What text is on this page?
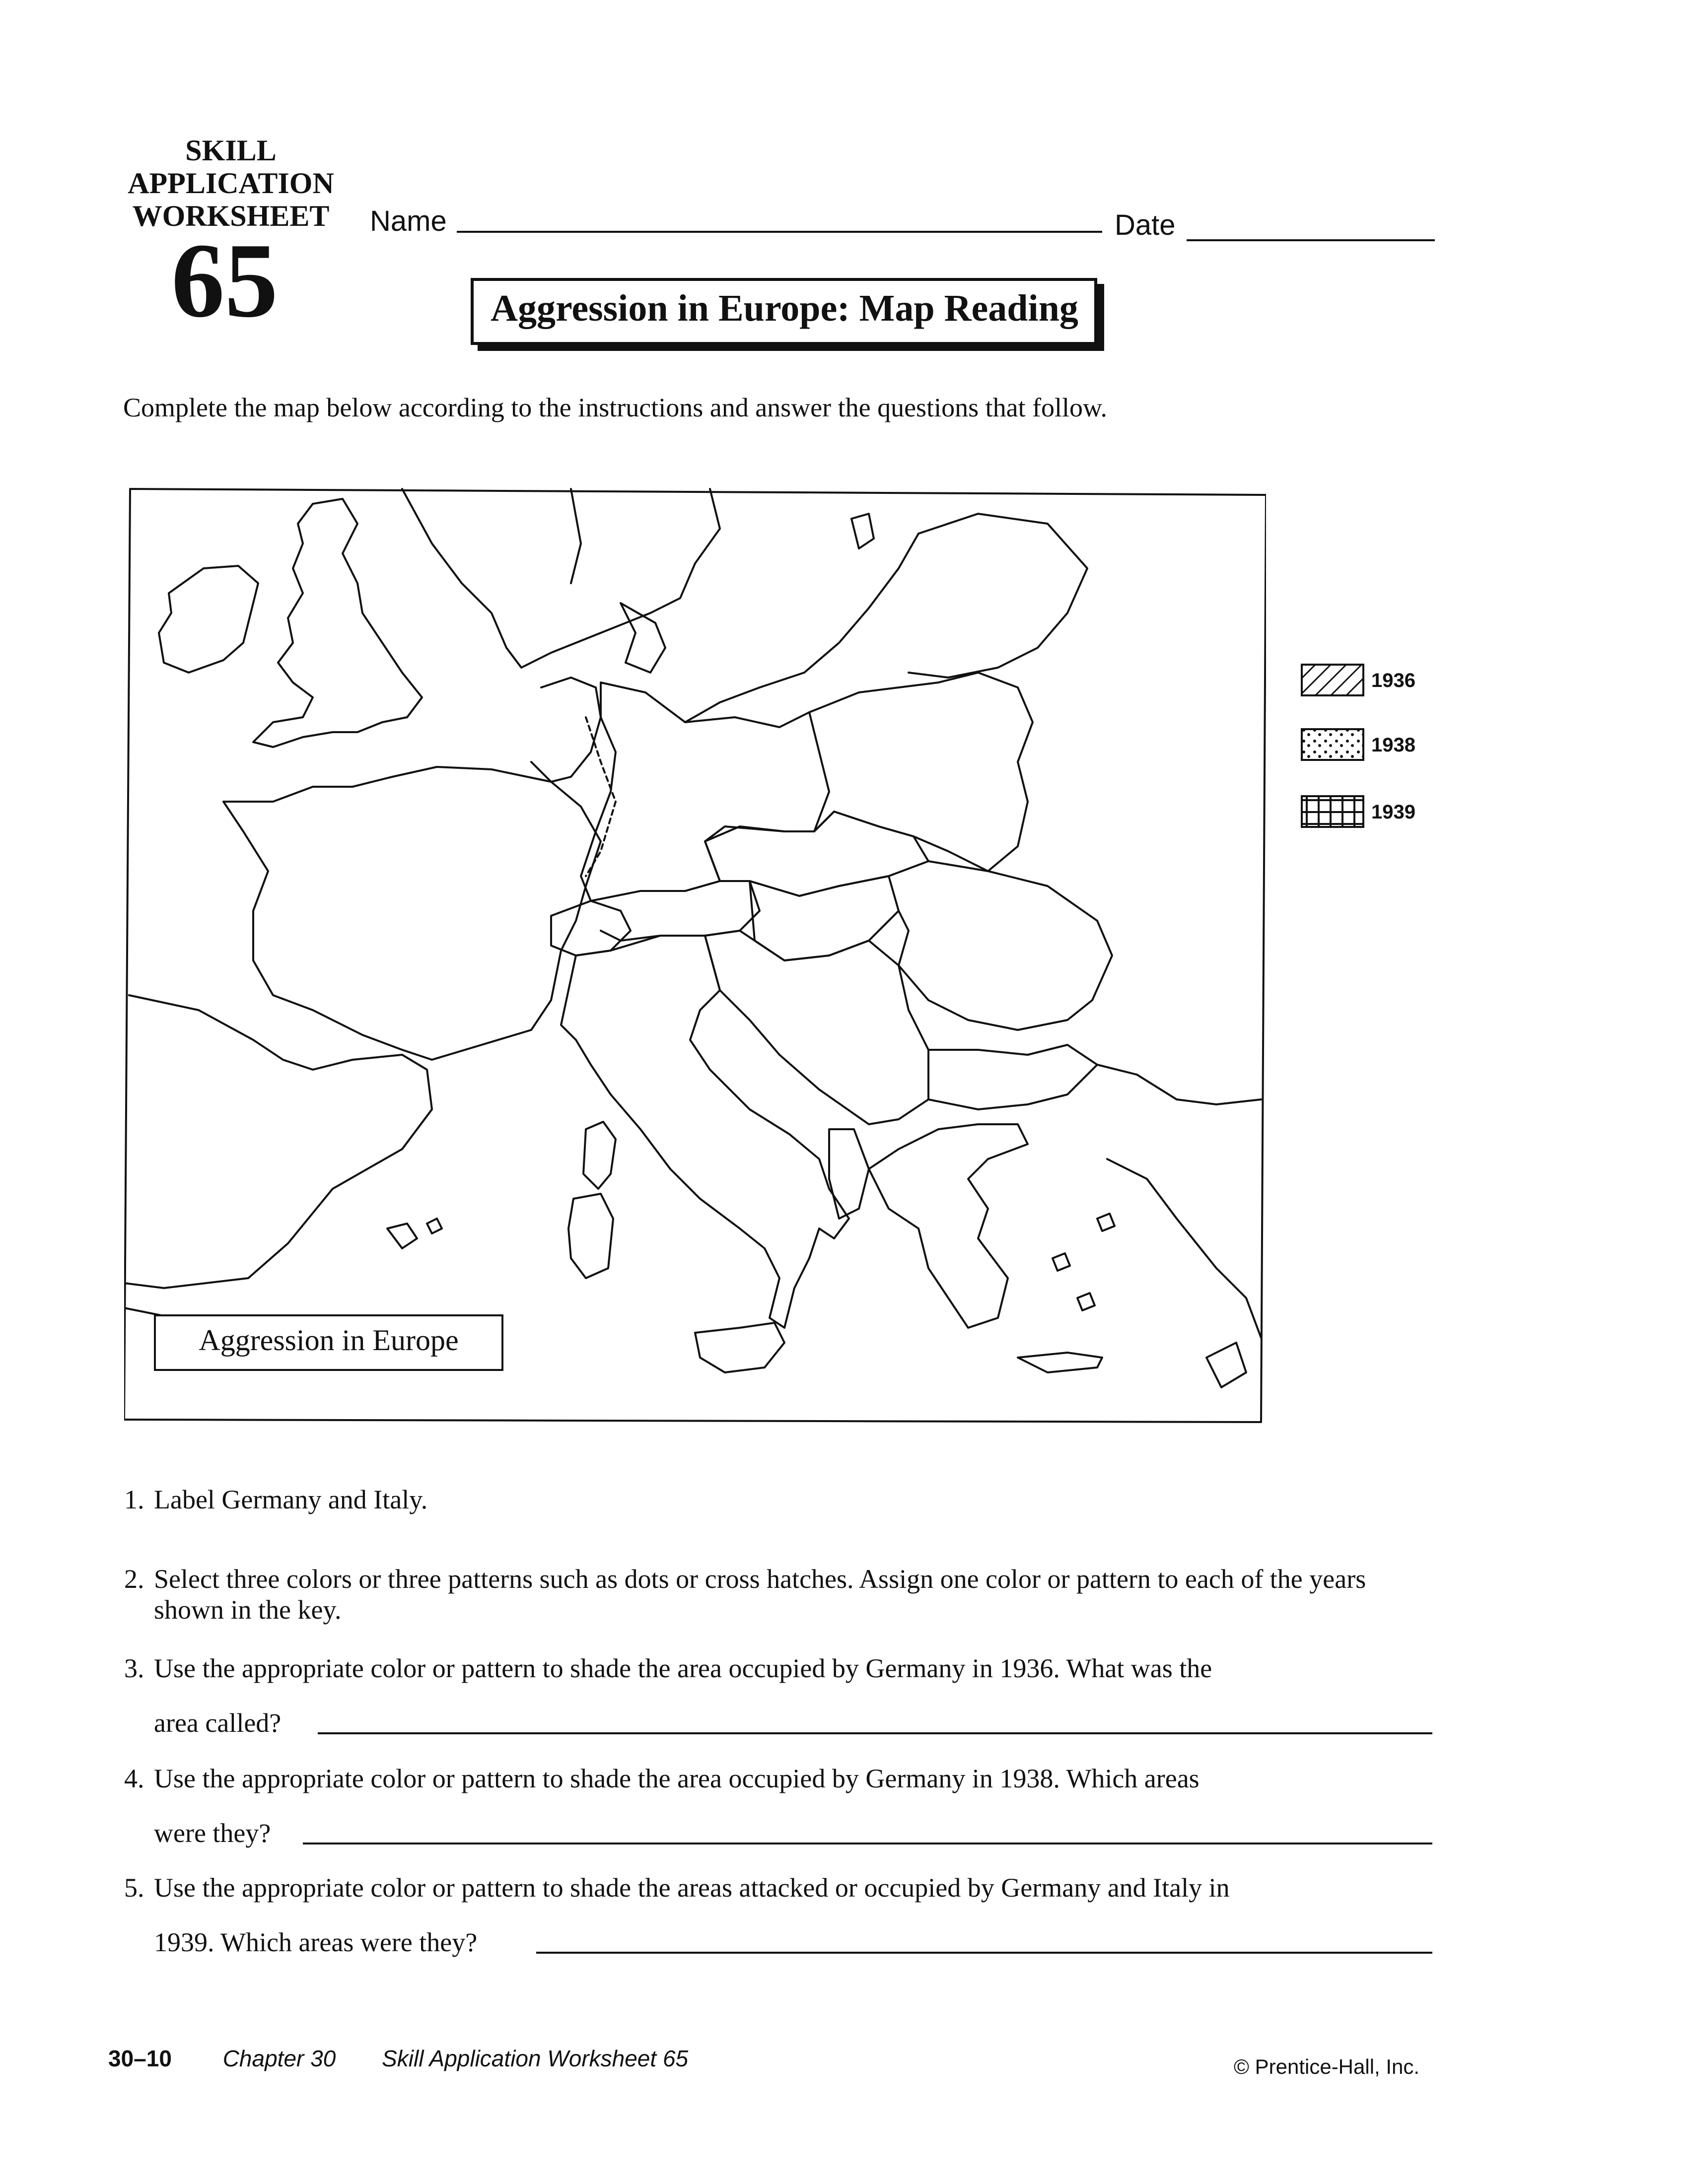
SKILL
APPLICATION
WORKSHEET
65	Name	Date
Aggression in Europe: Map Reading
Complete the map below according to the instructions and answer the questions that follow.
Aggression in Europe
1936
1938
1939
1. Label Germany and Italy.
2. Select three colors or three patterns such as dots or cross hatches. Assign one color or pattern to each of the years shown in the key.
3. Use the appropriate color or pattern to shade the area occupied by Germany in 1936. What was the
area called?
4. Use the appropriate color or pattern to shade the area occupied by Germany in 1938. Which areas
were they?
5. Use the appropriate color or pattern to shade the areas attacked or occupied by Germany and Italy in
1939. Which areas were they?
30–10 Chapter 30 Skill Application Worksheet 65	© Prentice-Hall, Inc.
